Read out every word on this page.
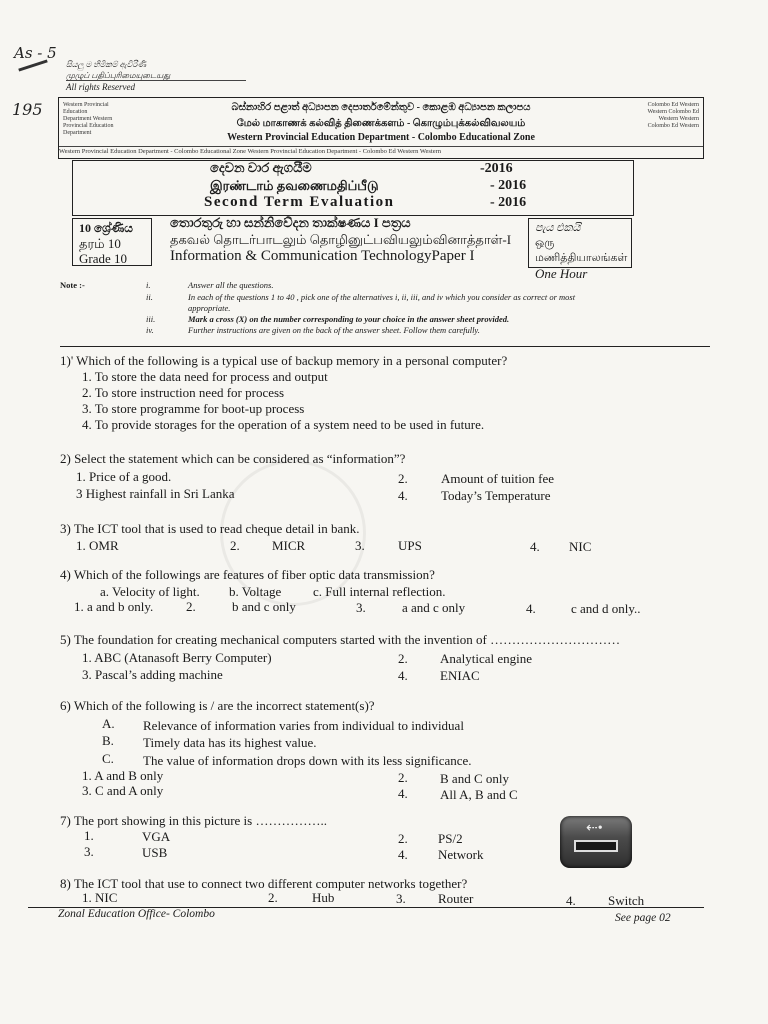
As - 5
195
සියලු ම හිමිකම් ඇවිරිණි
முழுப் பதிப்புரிமையுடையது
All rights Reserved
Western Provincial Education Department Western Provincial Education Department
Colombo Ed Western Western Colombo Ed Western Western Colombo Ed Western
බස්නාහිර පළාත් අධ්‍යාපන දෙපාර්තමේන්තුව - කොළඹ අධ්‍යාපන කලාපය
மேல் மாகாணக் கல்வித் திணைக்களம் - கொழும்புக்கல்விவலயம்
Western Provincial Education Department - Colombo Educational Zone
Western Provincial Education Department - Colombo Educational Zone Western Provincial Education Department - Colombo Ed Western Western
දෙවන වාර ඇගයීම	-2016
இரண்டாம் தவணைமதிப்பீடு	- 2016
Second Term Evaluation	- 2016
10 ශ්‍රේණිය
தரம் 10
Grade 10
තොරතුරු හා සන්නිවේදන තාක්ෂණය I පත්‍රය
தகவல் தொடர்பாடலும் தொழினுட்பவியலும்வினாத்தாள்-I
Information & Communication TechnologyPaper I
පැය එකයි
ஒரு மணித்தியாலங்கள்
One Hour
Note :-	i.	Answer all the questions.
ii.	In each of the questions 1 to 40 , pick one of the alternatives i, ii, iii, and iv which you consider as correct or most
appropriate.
iii.	Mark a cross (X) on the number corresponding to your choice in the answer sheet provided.
iv.	Further instructions are given on the back of the answer sheet. Follow them carefully.
1)' Which of the following is a typical use of backup memory in a personal computer?
1. To store the data need for process and output
2. To store instruction need for process
3. To store programme for boot-up process
4. To provide storages for the operation of a system need to be used in future.
2) Select the statement which can be considered as “information”?
1. Price of a good.	2.	Amount of tuition fee
3 Highest rainfall in Sri Lanka	4.	Today’s Temperature
3) The ICT tool that is used to read cheque detail in bank.
1. OMR	2. MICR	3.	UPS	4. NIC
4) Which of the followings are features of fiber optic data transmission?
a. Velocity of light. b. Voltage c. Full internal reflection.
1. a and b only.	2.	b and c only	3.	a and c only	4.	c and d only..
5) The foundation for creating mechanical computers started with the invention of …………………………
1. ABC (Atanasoft Berry Computer)	2. Analytical engine
3. Pascal’s adding machine	4. ENIAC
6) Which of the following is / are the incorrect statement(s)?
A. Relevance of information varies from individual to individual
B. Timely data has its highest value.
C. The value of information drops down with its less significance.
1. A and B only	2. B and C only
3. C and A only	4. All A, B and C
7) The port showing in this picture is ……………..
1.	VGA	2. PS/2
3.	USB	4. Network
⇠•
8) The ICT tool that use to connect two different computer networks together?
1. NIC	2.	Hub	3. Router	4. Switch
Zonal Education Office- Colombo	See page 02
